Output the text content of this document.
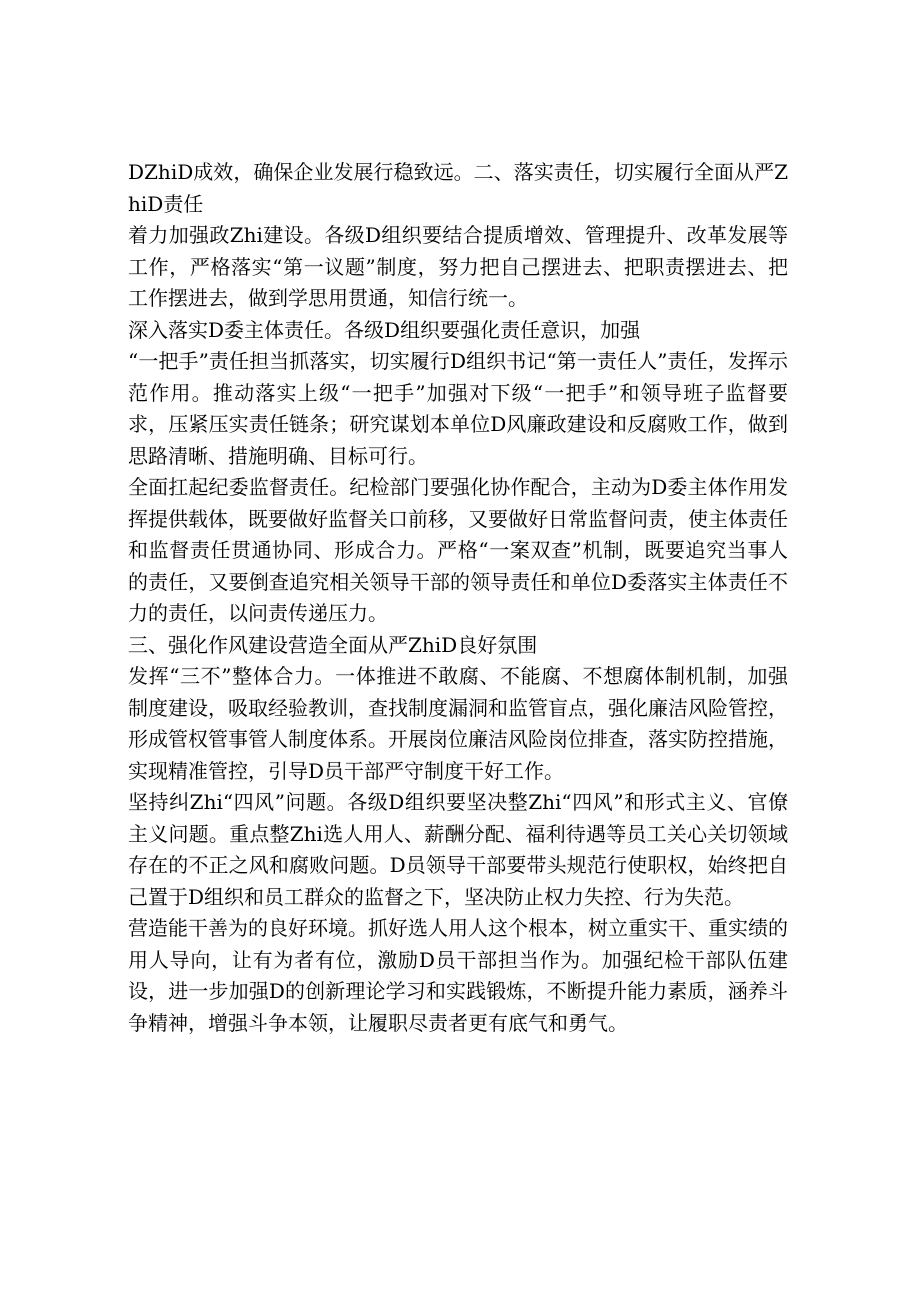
DZhiD成效，确保企业发展行稳致远。二、落实责任，切实履行全面从严ZhiD责任

着力加强政Zhi建设。各级D组织要结合提质增效、管理提升、改革发展等工作，严格落实“第一议题”制度，努力把自己摆进去、把职责摆进去、把工作摆进去，做到学思用贯通，知信行统一。

深入落实D委主体责任。各级D组织要强化责任意识，加强

“一把手”责任担当抓落实，切实履行D组织书记“第一责任人”责任，发挥示范作用。推动落实上级“一把手”加强对下级“一把手”和领导班子监督要求，压紧压实责任链条；研究谋划本单位D风廉政建设和反腐败工作，做到思路清晰、措施明确、目标可行。

全面扛起纪委监督责任。纪检部门要强化协作配合，主动为D委主体作用发挥提供载体，既要做好监督关口前移，又要做好日常监督问责，使主体责任和监督责任贯通协同、形成合力。严格“一案双查”机制，既要追究当事人的责任，又要倒查追究相关领导干部的领导责任和单位D委落实主体责任不力的责任，以问责传递压力。

三、强化作风建设营造全面从严ZhiD良好氛围

发挥“三不”整体合力。一体推进不敢腐、不能腐、不想腐体制机制，加强制度建设，吸取经验教训，查找制度漏洞和监管盲点，强化廉洁风险管控，形成管权管事管人制度体系。开展岗位廉洁风险岗位排查，落实防控措施，实现精准管控，引导D员干部严守制度干好工作。

坚持纠Zhi“四风”问题。各级D组织要坚决整Zhi“四风”和形式主义、官僚主义问题。重点整Zhi选人用人、薪酬分配、福利待遇等员工关心关切领域存在的不正之风和腐败问题。D员领导干部要带头规范行使职权，始终把自己置于D组织和员工群众的监督之下，坚决防止权力失控、行为失范。

营造能干善为的良好环境。抓好选人用人这个根本，树立重实干、重实绩的用人导向，让有为者有位，激励D员干部担当作为。加强纪检干部队伍建设，进一步加强D的创新理论学习和实践锻炼，不断提升能力素质，涵养斗争精神，增强斗争本领，让履职尽责者更有底气和勇气。
